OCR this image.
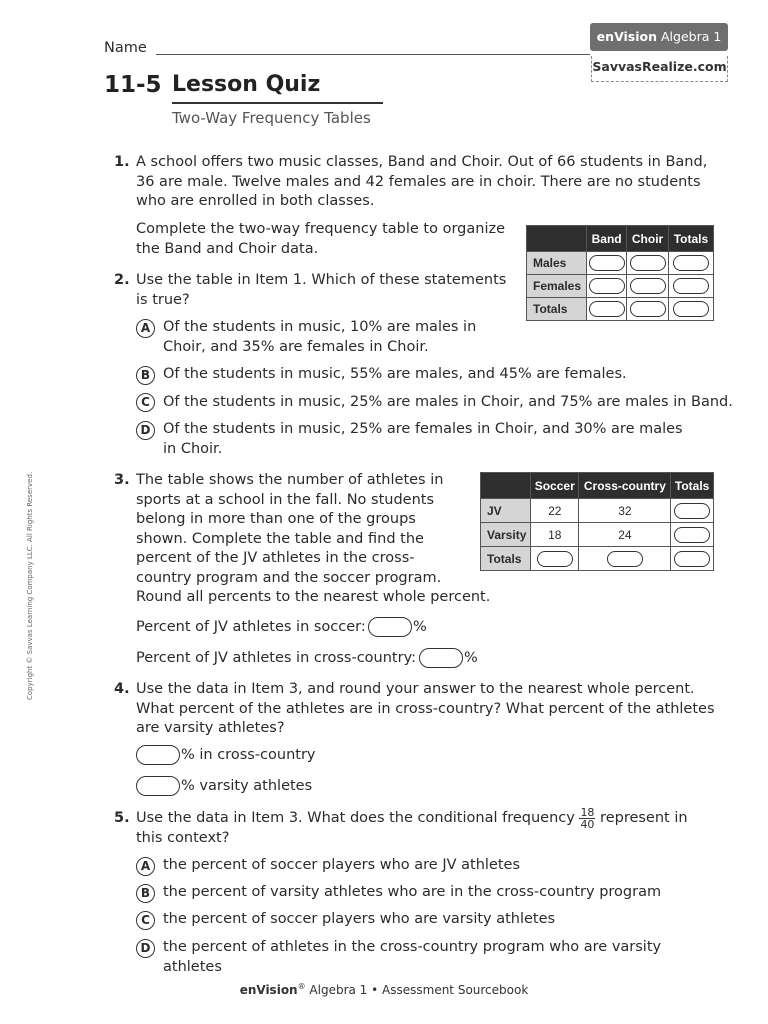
Name
enVision Algebra 1
SavvasRealize.com
11-5 Lesson Quiz
Two-Way Frequency Tables
1. A school offers two music classes, Band and Choir. Out of 66 students in Band,
36 are male. Twelve males and 42 females are in choir. There are no students
who are enrolled in both classes.
Complete the two-way frequency table to organize
the Band and Choir data.
	Band	Choir	Totals
Males			
Females			
Totals			
2. Use the table in Item 1. Which of these statements
is true?
A Of the students in music, 10% are males in
Choir, and 35% are females in Choir.
B Of the students in music, 55% are males, and 45% are females.
C Of the students in music, 25% are males in Choir, and 75% are males in Band.
D Of the students in music, 25% are females in Choir, and 30% are males
in Choir.
3. The table shows the number of athletes in
sports at a school in the fall. No students
belong in more than one of the groups
shown. Complete the table and find the
percent of the JV athletes in the cross-
country program and the soccer program.
Round all percents to the nearest whole percent.
	Soccer	Cross-country	Totals
JV	22	32	
Varsity	18	24	
Totals			
Percent of JV athletes in soccer:	%
Percent of JV athletes in cross-country:	%
4. Use the data in Item 3, and round your answer to the nearest whole percent.
What percent of the athletes are in cross-country? What percent of the athletes
are varsity athletes?
% in cross-country
% varsity athletes
5. Use the data in Item 3. What does the conditional frequency $\frac{18}{40}$ represent in
this context?
A the percent of soccer players who are JV athletes
B the percent of varsity athletes who are in the cross-country program
C the percent of soccer players who are varsity athletes
D the percent of athletes in the cross-country program who are varsity
athletes
Copyright © Savvas Learning Company LLC. All Rights Reserved.
enVision® Algebra 1 • Assessment Sourcebook
